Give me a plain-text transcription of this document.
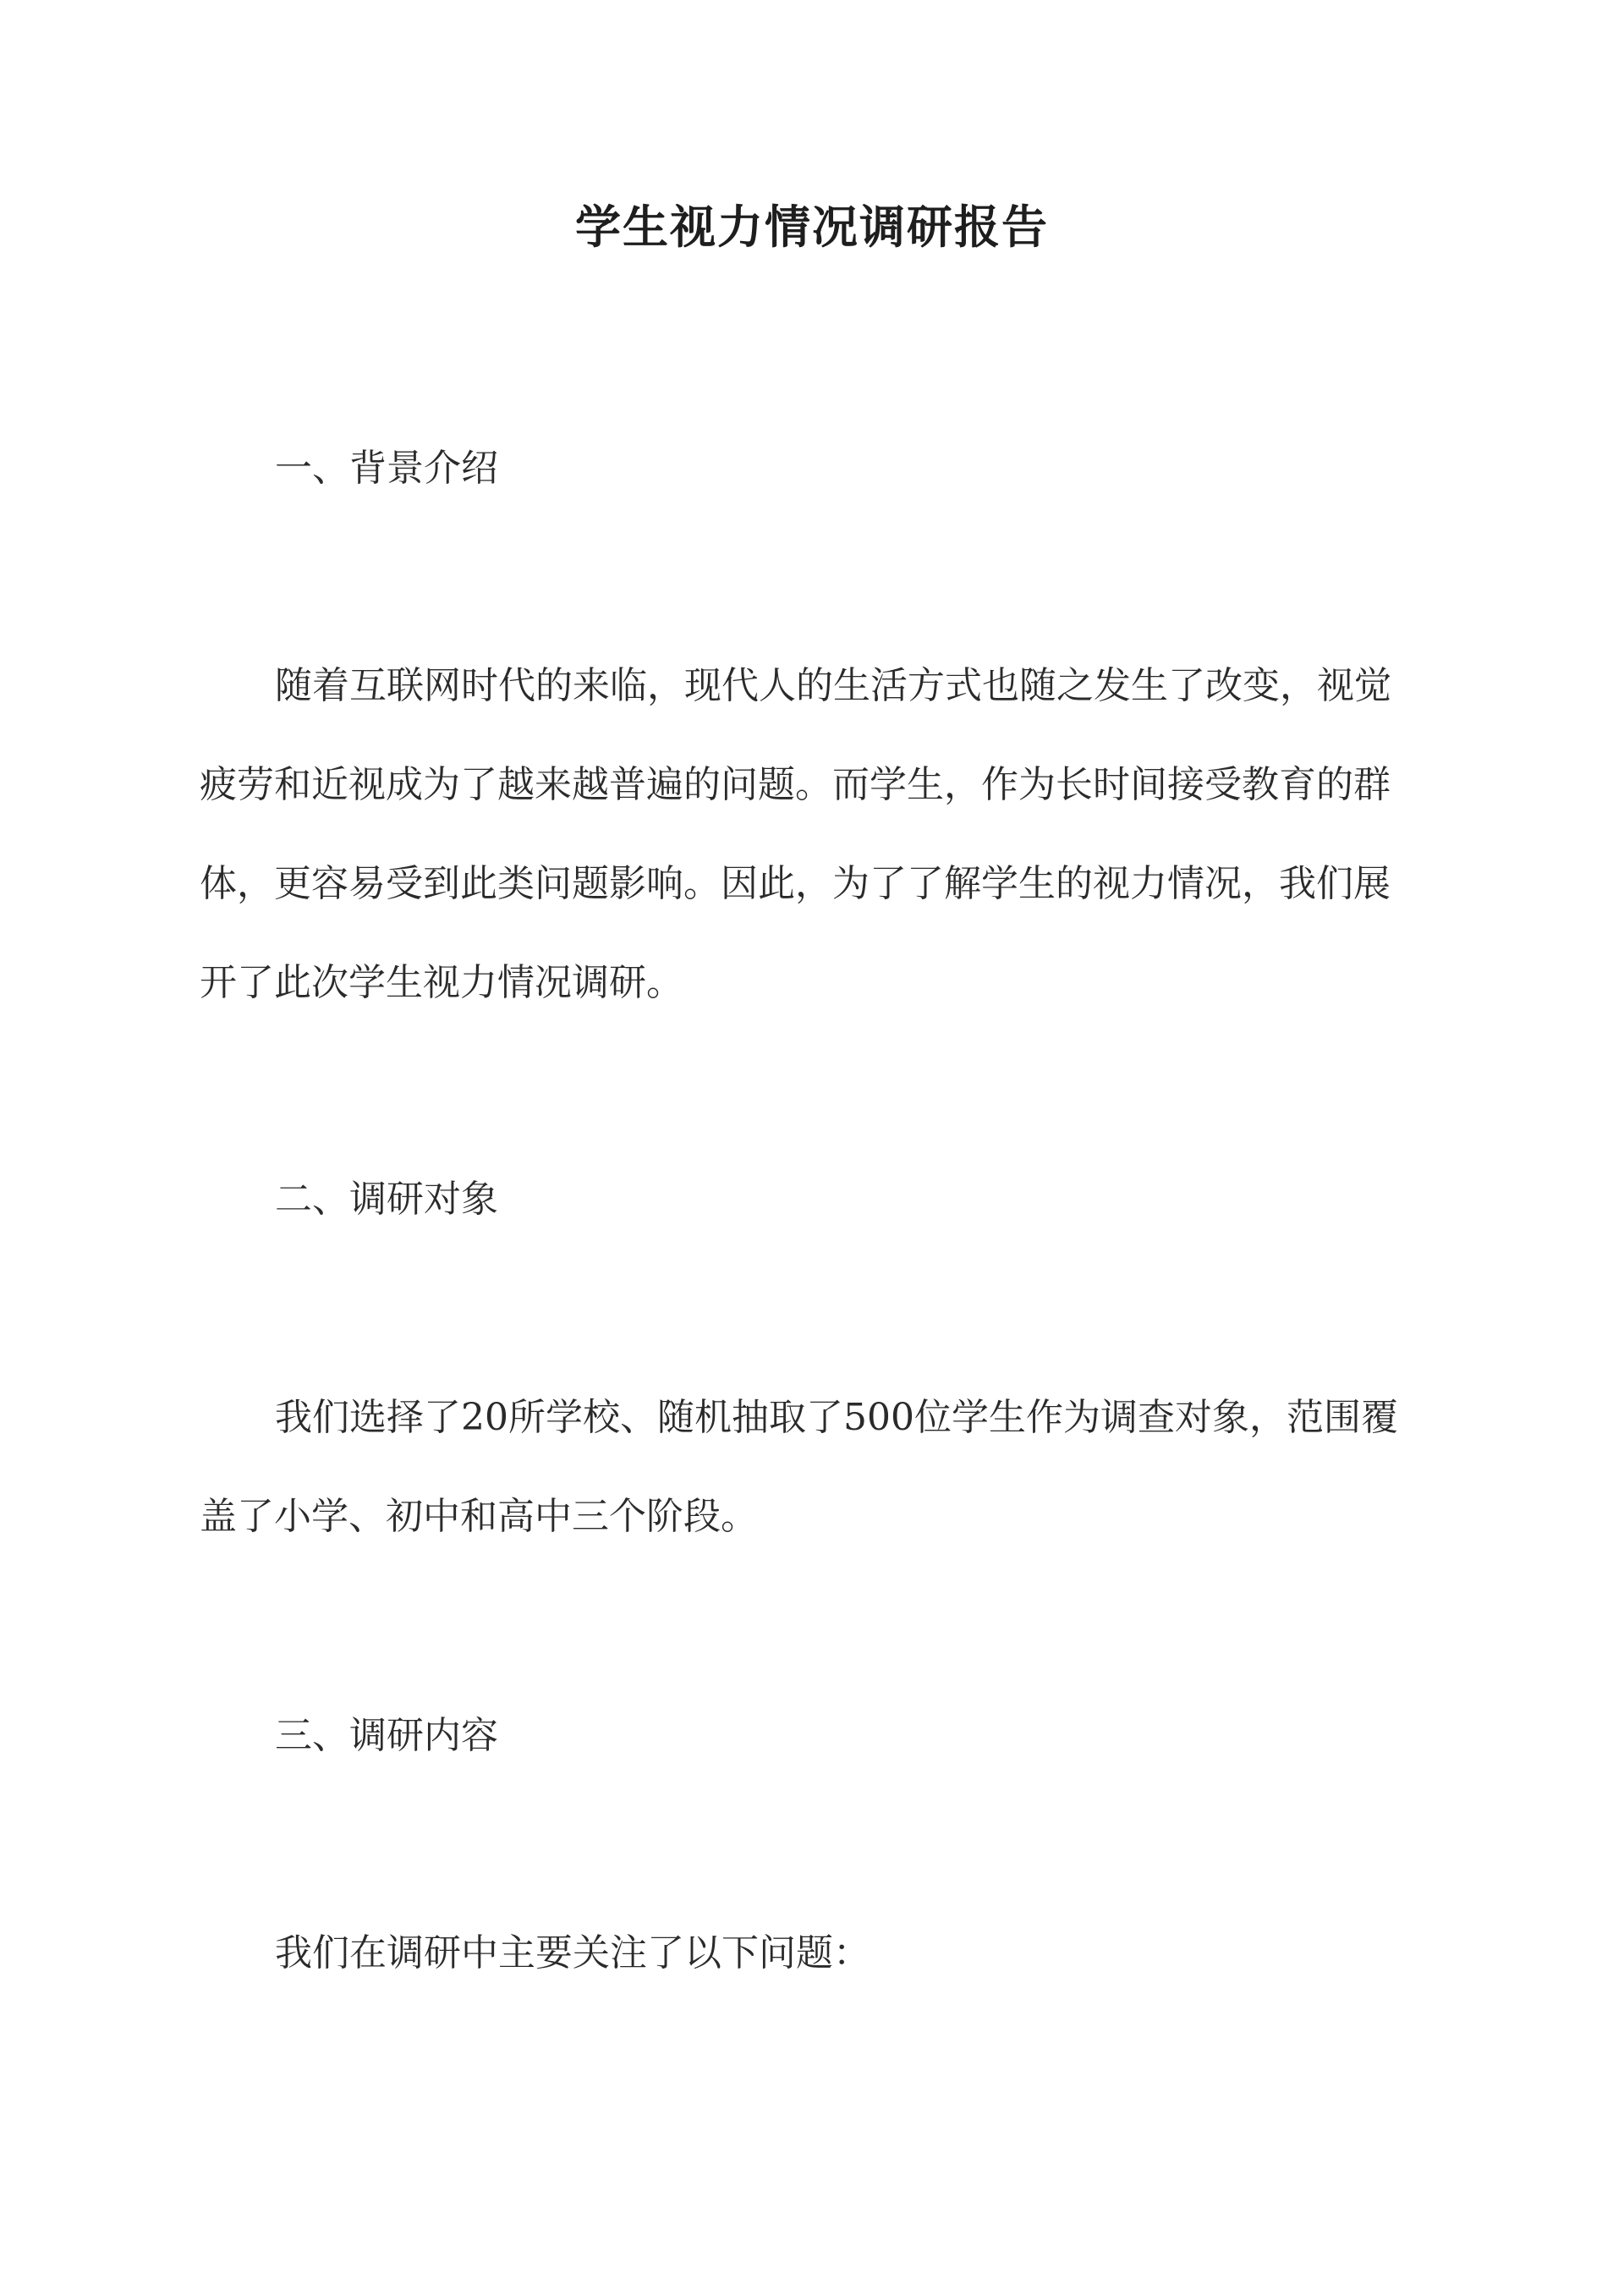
学生视力情况调研报告
一、背景介绍
随着互联网时代的来临，现代人的生活方式也随之发生了改变，视觉
疲劳和近视成为了越来越普遍的问题。而学生，作为长时间接受教育的群
体，更容易受到此类问题影响。因此，为了了解学生的视力情况，我们展
开了此次学生视力情况调研。
二、调研对象
我们选择了20所学校、随机抽取了500位学生作为调查对象，范围覆
盖了小学、初中和高中三个阶段。
三、调研内容
我们在调研中主要关注了以下问题：
